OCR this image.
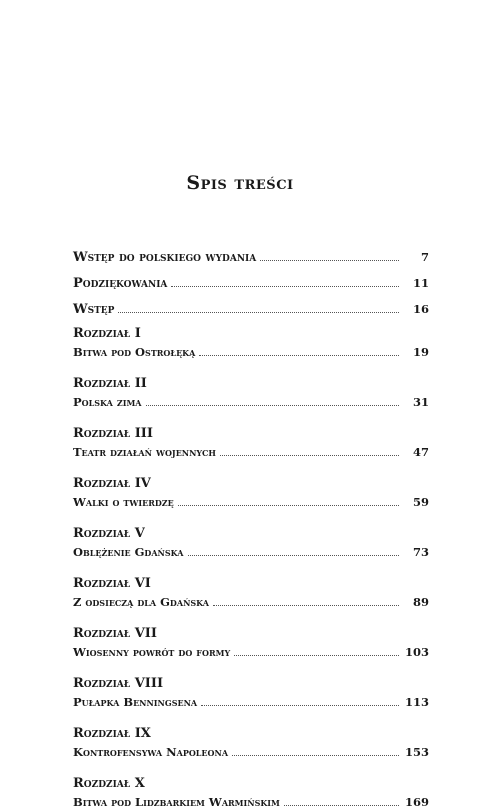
Spis treści
Wstęp do polskiego wydania	7
Podziękowania	11
Wstęp	16
Rozdział I
Bitwa pod Ostrołęką	19
Rozdział II
Polska zima	31
Rozdział III
Teatr działań wojennych	47
Rozdział IV
Walki o twierdzę	59
Rozdział V
Oblężenie Gdańska	73
Rozdział VI
Z odsieczą dla Gdańska	89
Rozdział VII
Wiosenny powrót do formy	103
Rozdział VIII
Pułapka Benningsena	113
Rozdział IX
Kontrofensywa Napoleona	153
Rozdział X
Bitwa pod Lidzbarkiem Warmińskim	169
